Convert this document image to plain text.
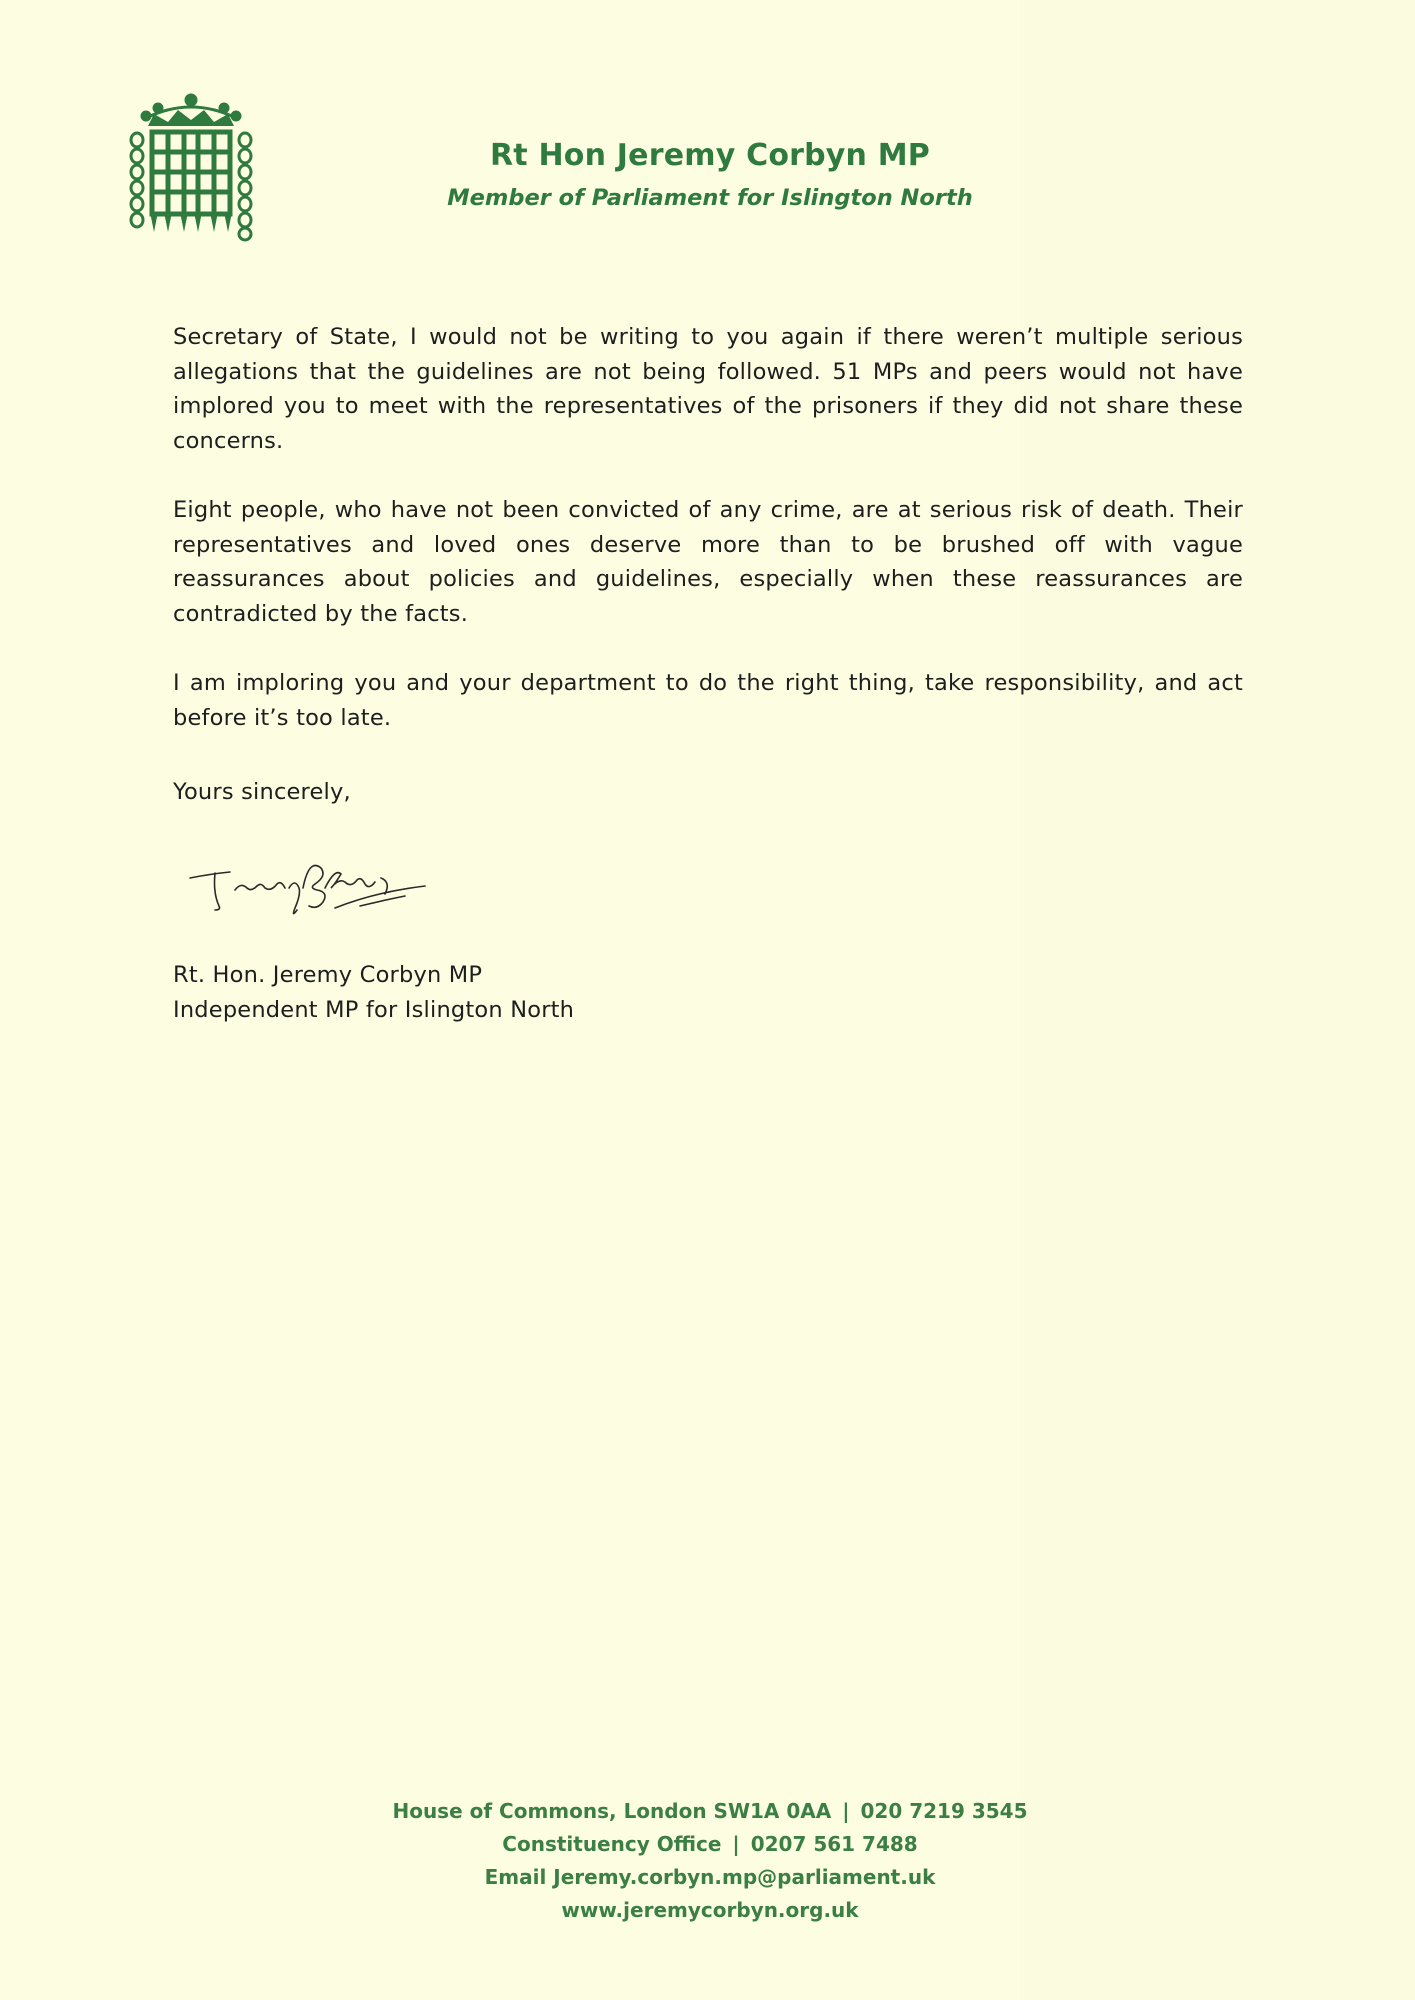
Rt Hon Jeremy Corbyn MP
Member of Parliament for Islington North

Secretary of State, I would not be writing to you again if there weren’t multiple serious allegations that the guidelines are not being followed. 51 MPs and peers would not have implored you to meet with the representatives of the prisoners if they did not share these concerns.

Eight people, who have not been convicted of any crime, are at serious risk of death. Their representatives and loved ones deserve more than to be brushed off with vague reassurances about policies and guidelines, especially when these reassurances are contradicted by the facts.

I am imploring you and your department to do the right thing, take responsibility, and act before it’s too late.

Yours sincerely,
Rt. Hon. Jeremy Corbyn MP
Independent MP for Islington North
House of Commons, London SW1A 0AA | 020 7219 3545
Constituency Office | 0207 561 7488
Email Jeremy.corbyn.mp@parliament.uk
www.jeremycorbyn.org.uk
